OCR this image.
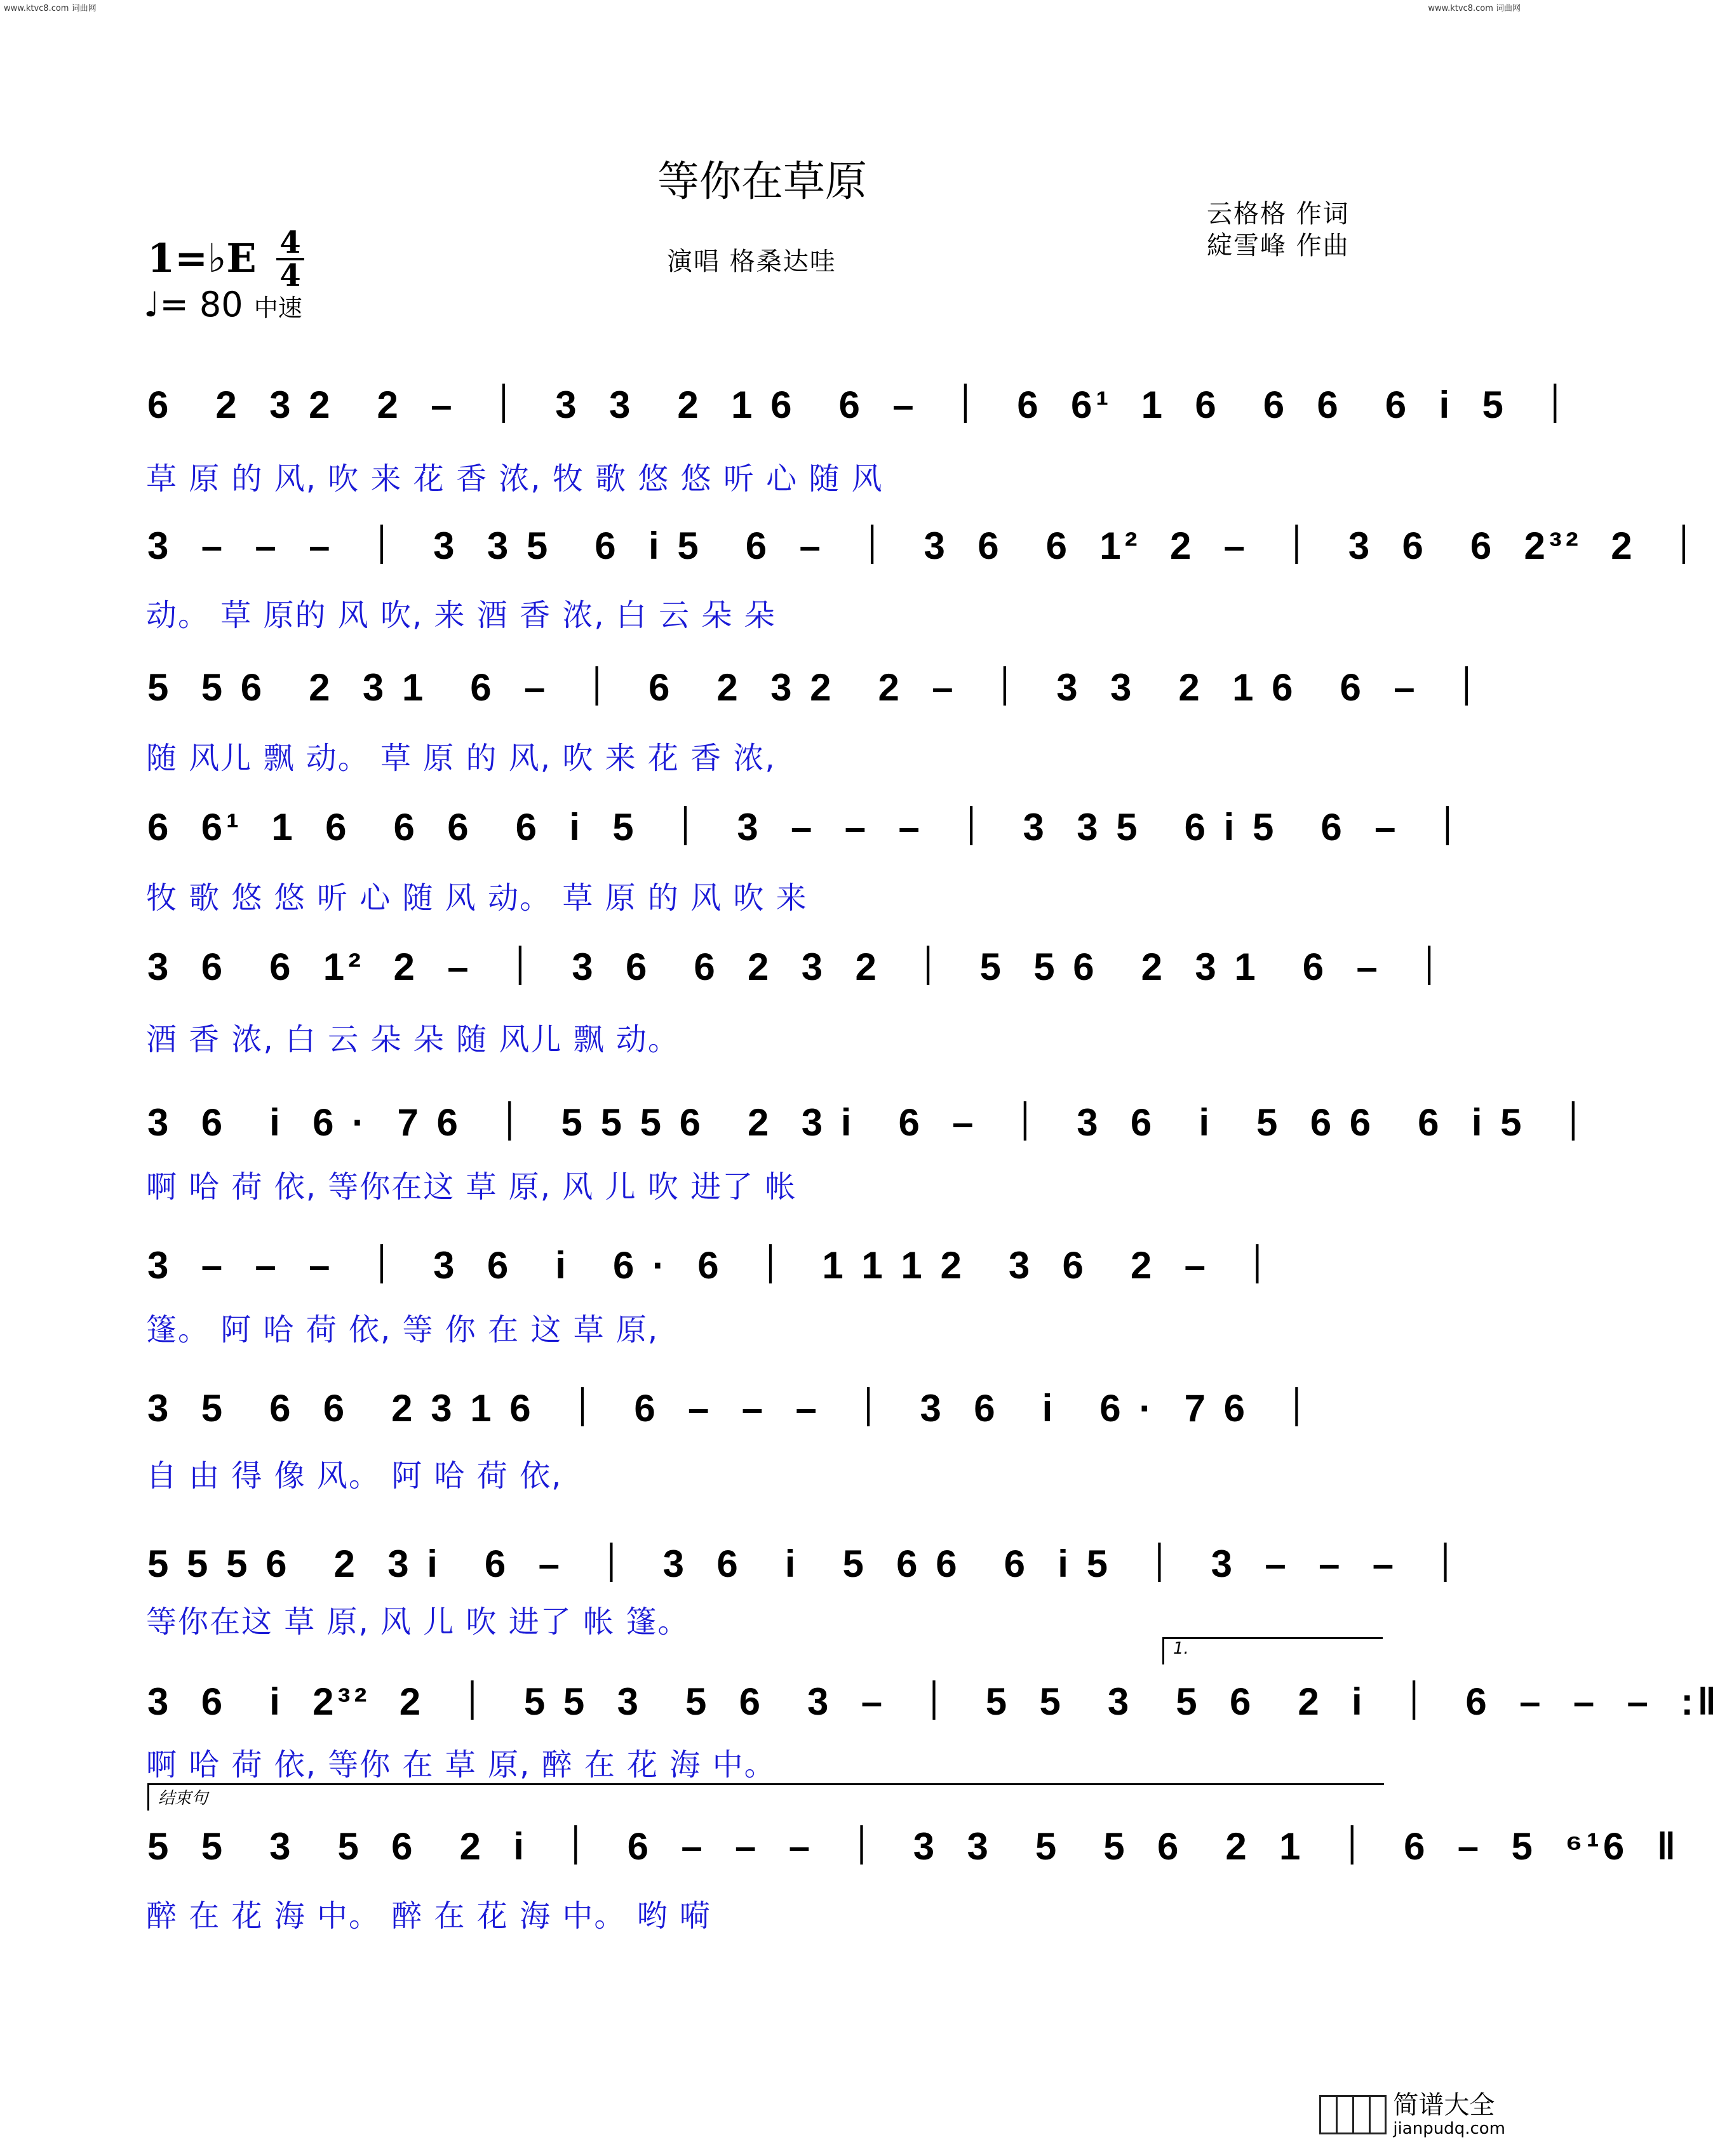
www.ktvc8.com 词曲网	www.ktvc8.com 词曲网
等你在草原
云格格 作词
綻雪峰 作曲
演唱 格桑达哇
1=♭E 4
4
♩= 80 中速
6   2  3 2   2  –  ｜  3  3   2  1 6   6  –  ｜  6  6¹  1  6   6  6   6  i  5  ｜
草 原 的 风, 吹 来 花 香 浓, 牧 歌 悠 悠 听 心 随 风
3  –  –  –  ｜  3  3 5   6  i 5   6  –  ｜  3  6   6  1²  2  –  ｜  3  6   6  2³²  2  ｜
动。 草 原的 风 吹, 来 酒 香 浓, 白 云 朵 朵
5  5 6   2  3 1   6  –  ｜  6   2  3 2   2  –  ｜  3  3   2  1 6   6  –  ｜
随 风儿 飘 动。 草 原 的 风, 吹 来 花 香 浓,
6  6¹  1  6   6  6   6  i  5  ｜  3  –  –  –  ｜  3  3 5   6 i 5   6  –  ｜
牧 歌 悠 悠 听 心 随 风 动。 草 原 的 风 吹 来
3  6   6  1²  2  –  ｜  3  6   6  2  3  2  ｜  5  5 6   2  3 1   6  –  ｜
酒 香 浓, 白 云 朵 朵 随 风儿 飘 动。
3  6   i  6 ·  7 6  ｜  5 5 5 6   2  3 i   6  –  ｜  3  6   i   5  6 6   6  i 5  ｜
啊 哈 荷 依, 等你在这 草 原, 风 儿 吹 进了 帐
3  –  –  –  ｜  3  6   i   6 ·  6  ｜  1 1 1 2   3  6   2  –  ｜
篷。 阿 哈 荷 依, 等 你 在 这 草 原,
3  5   6  6   2 3 1 6  ｜  6  –  –  –  ｜  3  6   i   6 ·  7 6  ｜
自 由 得 像 风。 阿 哈 荷 依,
5 5 5 6   2  3 i   6  –  ｜  3  6   i   5  6 6   6  i 5  ｜  3  –  –  –  ｜
等你在这 草 原, 风 儿 吹 进了 帐 篷。
1.
3  6   i  2³²  2  ｜  5 5  3   5  6   3  –  ｜  5  5   3   5  6   2  i  ｜  6  –  –  –  :‖
啊 哈 荷 依, 等你 在 草 原, 醉 在 花 海 中。
结束句
5  5   3   5  6   2  i  ｜  6  –  –  –  ｜  3  3   5   5  6   2  1  ｜  6  –  5  ⁶¹6  ‖
醉 在 花 海 中。 醉 在 花 海 中。 哟 嗬
简谱大全
jianpudq.com
